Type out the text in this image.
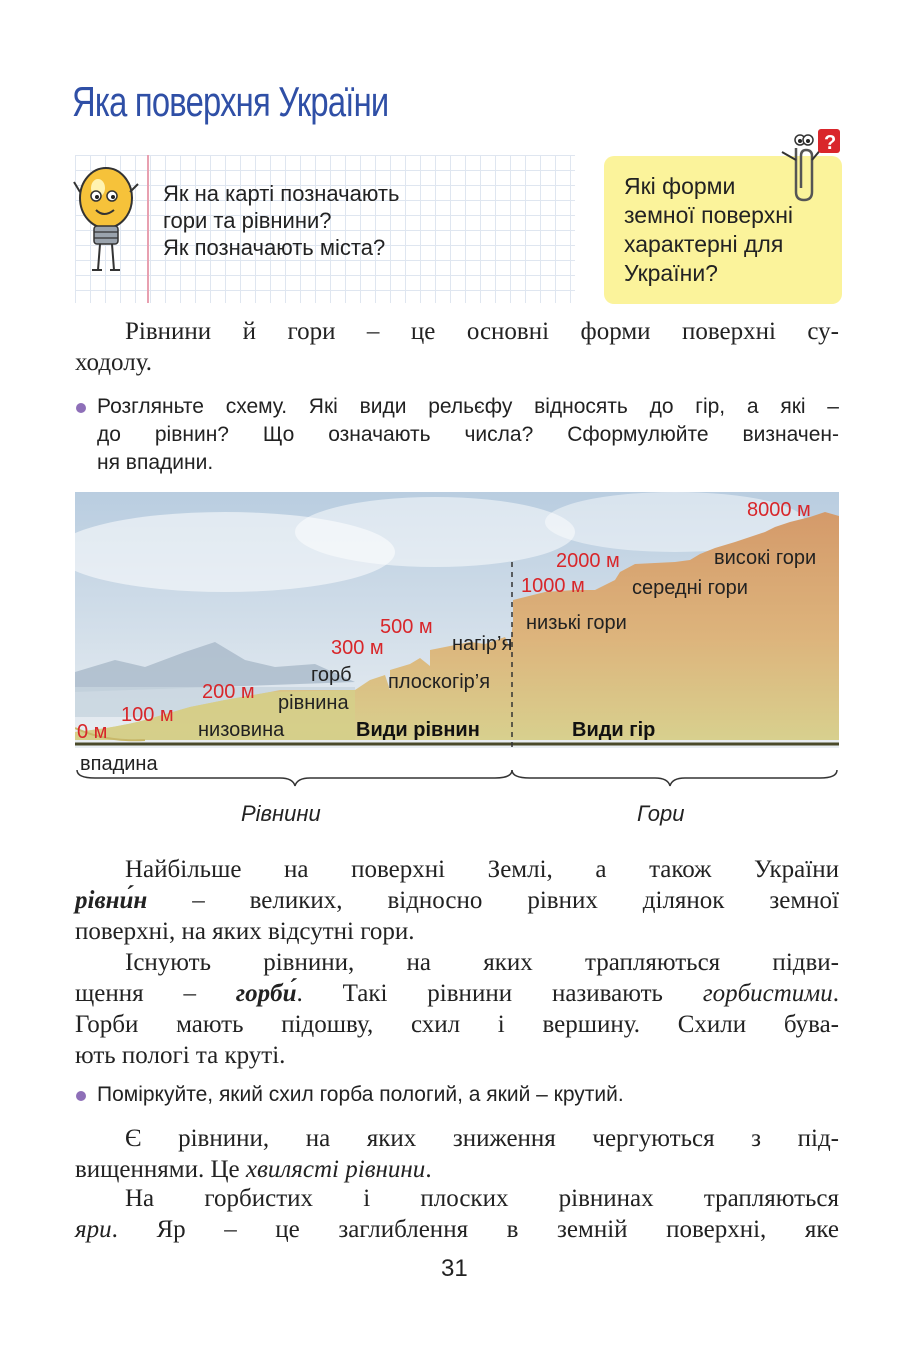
Яка поверхня України
Як на карті позначають
гори та рівнини?
Як позначають міста?
Які форми
земної поверхні
характерні для
України?
?
Рівнини й гори – це основні форми поверхні су-
ходолу.
Розгляньте схему. Які види рельєфу відносять до гір, а які –
до рівнин? Що означають числа? Сформулюйте визначен-
ня впадини.
0 м
100 м
200 м
300 м
500 м
1000 м
2000 м
8000 м
низовина
рівнина
горб плоскогір’я
нагір’я
низькі гори
середні гори
високі гори
Види рівнин	Види гір
впадина
Рівнини	Гори
Найбільше на поверхні Землі, а також України
рівни́н – великих, відносно рівних ділянок земної
поверхні, на яких відсутні гори.
Існують рівнини, на яких трапляються підви-
щення – горби́. Такі рівнини називають горбистими.
Горби мають підошву, схил і вершину. Схили бува-
ють пологі та круті.
Поміркуйте, який схил горба пологий, а який – крутий.
Є рівнини, на яких зниження чергуються з під-
вищеннями. Це хвилясті рівнини.
На горбистих і плоских рівнинах трапляються
яри. Яр – це заглиблення в земній поверхні, яке
31
